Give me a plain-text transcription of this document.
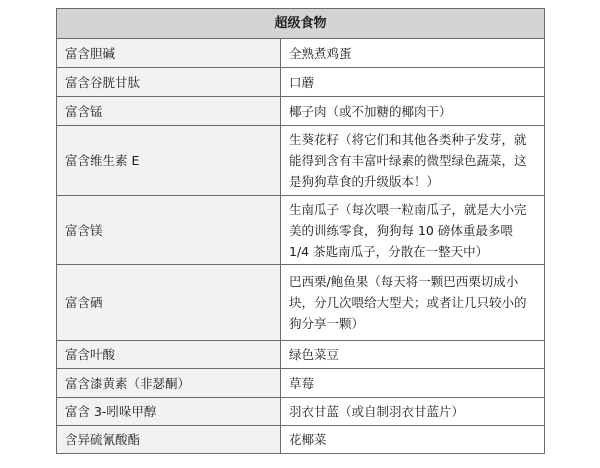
超级食物	
富含胆碱	全熟煮鸡蛋
富含谷胱甘肽	口蘑
富含锰	椰子肉（或不加糖的椰肉干）
富含维生素 E	生葵花籽（将它们和其他各类种子发芽，就能得到含有丰富叶绿素的微型绿色蔬菜，这是狗狗草食的升级版本！）
富含镁	生南瓜子（每次喂一粒南瓜子，就是大小完美的训练零食，狗狗每 10 磅体重最多喂 1/4 茶匙南瓜子，分散在一整天中）
富含硒	巴西栗/鲍鱼果（每天将一颗巴西栗切成小块，分几次喂给大型犬；或者让几只较小的狗分享一颗）
富含叶酸	绿色菜豆
富含漆黄素（非瑟酮）	草莓
富含 3-吲哚甲醇	羽衣甘蓝（或自制羽衣甘蓝片）
含异硫氰酸酯	花椰菜
